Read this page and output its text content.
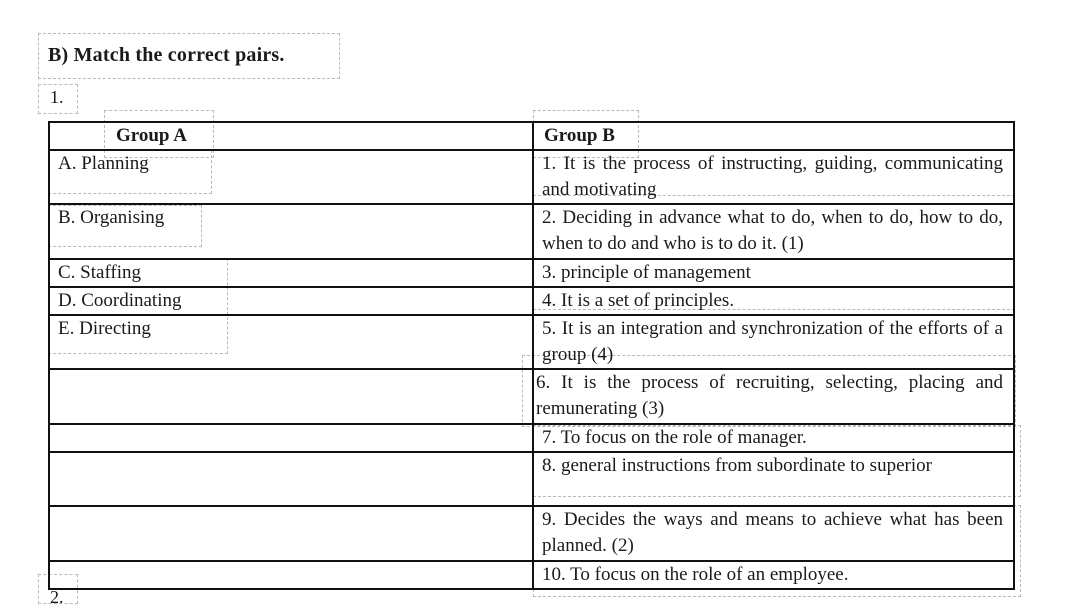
B) Match the correct pairs.
1.
Group A	Group B
A. Planning	1. It is the process of instructing, guiding, communicating and motivating
B. Organising	2. Deciding in advance what to do, when to do, how to do, when to do and who is to do it. (1)
C. Staffing	3. principle of management
D. Coordinating	4. It is a set of principles.
E. Directing	5. It is an integration and synchronization of the efforts of a group (4)
	6. It is the process of recruiting, selecting, placing and remunerating (3)
	7. To focus on the role of manager.
	8. general instructions from subordinate to superior
	9. Decides the ways and means to achieve what has been planned. (2)
	10. To focus on the role of an employee.
2.
